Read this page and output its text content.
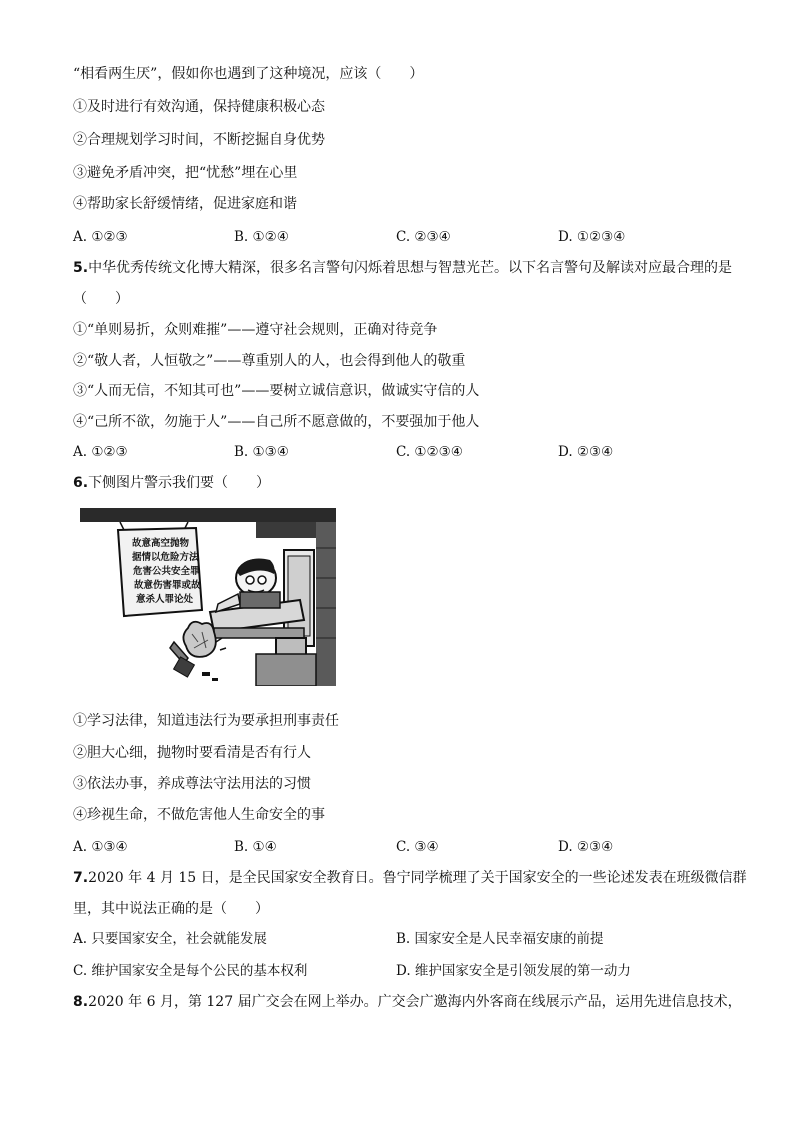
“相看两生厌”，假如你也遇到了这种境况，应该（　　）
①及时进行有效沟通，保持健康积极心态
②合理规划学习时间，不断挖掘自身优势
③避免矛盾冲突，把“忧愁”埋在心里
④帮助家长舒缓情绪，促进家庭和谐
A. ①②③	B. ①②④	C. ②③④	D. ①②③④
5.中华优秀传统文化博大精深，很多名言警句闪烁着思想与智慧光芒。以下名言警句及解读对应最合理的是
（　　）
①“单则易折，众则难摧”——遵守社会规则，正确对待竞争
②“敬人者，人恒敬之”——尊重别人的人，也会得到他人的敬重
③“人而无信，不知其可也”——要树立诚信意识，做诚实守信的人
④“己所不欲，勿施于人”——自己所不愿意做的，不要强加于他人
A. ①②③	B. ①③④	C. ①②③④	D. ②③④
6.下侧图片警示我们要（　　）
故意高空抛物
据情以危险方法
危害公共安全罪
故意伤害罪或故
意杀人罪论处
①学习法律，知道违法行为要承担刑事责任
②胆大心细，抛物时要看清是否有行人
③依法办事，养成尊法守法用法的习惯
④珍视生命，不做危害他人生命安全的事
A. ①③④	B. ①④	C. ③④	D. ②③④
7.2020 年 4 月 15 日，是全民国家安全教育日。鲁宁同学梳理了关于国家安全的一些论述发表在班级微信群
里，其中说法正确的是（　　）
A. 只要国家安全，社会就能发展	B. 国家安全是人民幸福安康的前提
C. 维护国家安全是每个公民的基本权利	D. 维护国家安全是引领发展的第一动力
8.2020 年 6 月，第 127 届广交会在网上举办。广交会广邀海内外客商在线展示产品，运用先进信息技术，
